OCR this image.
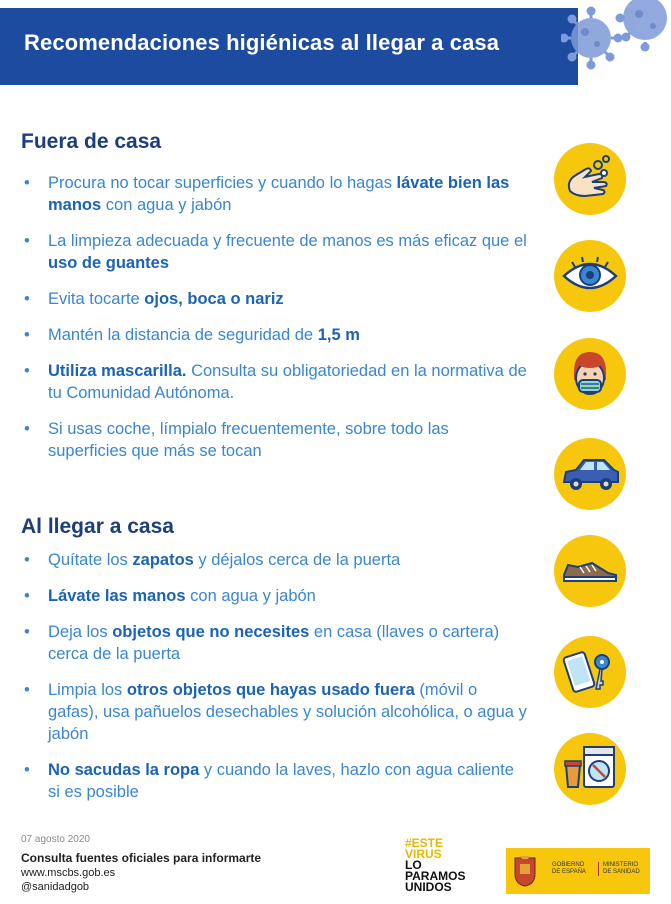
Recomendaciones higiénicas al llegar a casa
Fuera de casa
• Procura no tocar superficies y cuando lo hagas lávate bien las manos con agua y jabón
• La limpieza adecuada y frecuente de manos es más eficaz que el uso de guantes
• Evita tocarte ojos, boca o nariz
• Mantén la distancia de seguridad de 1,5 m
• Utiliza mascarilla. Consulta su obligatoriedad en la normativa de tu Comunidad Autónoma.
• Si usas coche, límpialo frecuentemente, sobre todo las superficies que más se tocan
Al llegar a casa
• Quítate los zapatos y déjalos cerca de la puerta
• Lávate las manos con agua y jabón
• Deja los objetos que no necesites en casa (llaves o cartera) cerca de la puerta
• Limpia los otros objetos que hayas usado fuera (móvil o gafas), usa pañuelos desechables y solución alcohólica, o agua y jabón
• No sacudas la ropa y cuando la laves, hazlo con agua caliente si es posible
07 agosto 2020
Consulta fuentes oficiales para informarte
www.mscbs.gob.es
@sanidadgob
#ESTE
VIRUS
LO
PARAMOS
UNIDOS
GOBIERNO
DE ESPAÑA
MINISTERIO
DE SANIDAD
